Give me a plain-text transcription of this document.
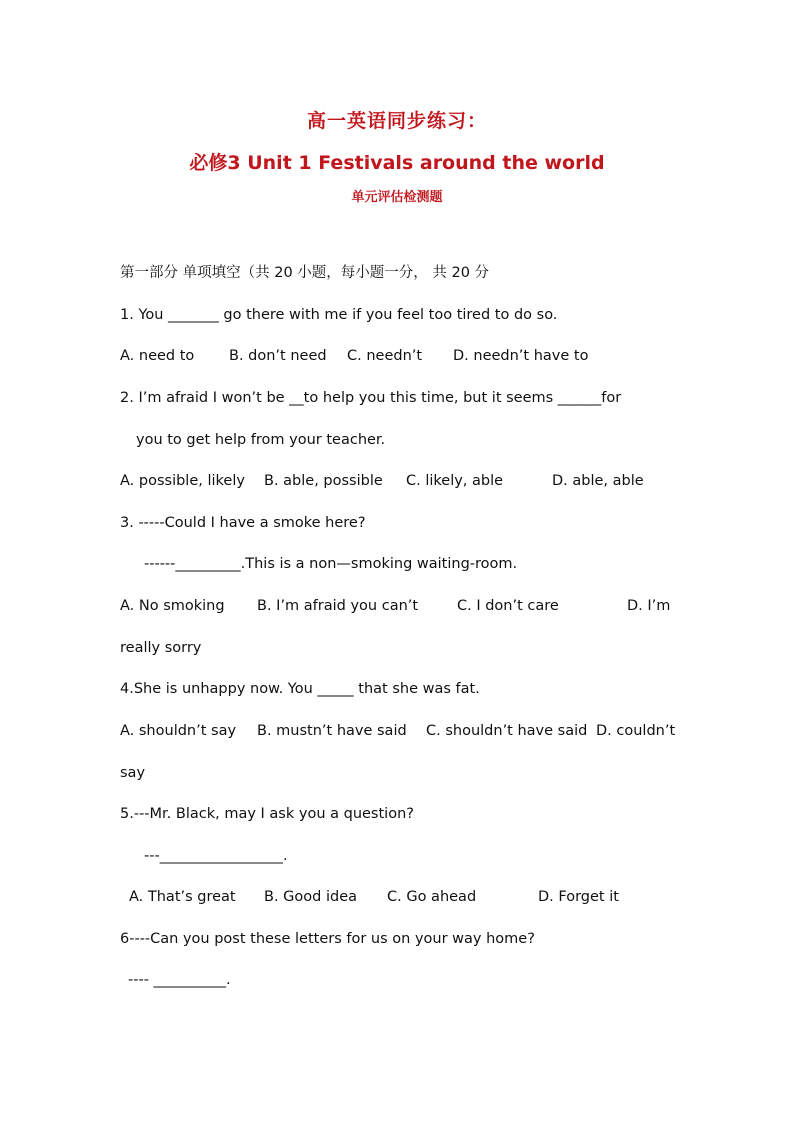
高一英语同步练习：
必修3 Unit 1 Festivals around the world
单元评估检测题
第一部分 单项填空（共 20 小题，每小题一分， 共 20 分
1. You _______ go there with me if you feel too tired to do so.
A. need to B. don’t need C. needn’t D. needn’t have to
2. I’m afraid I won’t be __to help you this time, but it seems ______for
you to get help from your teacher.
A. possible, likely B. able, possible C. likely, able	D. able, able
3. -----Could I have a smoke here?
------_________.This is a non—smoking waiting-room.
A. No smoking B. I’m afraid you can’t	C. I don’t care	D. I’m
really sorry
4.She is unhappy now. You _____ that she was fat.
A. shouldn’t say B. mustn’t have said C. shouldn’t have said D. couldn’t
say
5.---Mr. Black, may I ask you a question?
---_________________.
A. That’s great B. Good idea C. Go ahead	D. Forget it
6----Can you post these letters for us on your way home?
---- __________.
